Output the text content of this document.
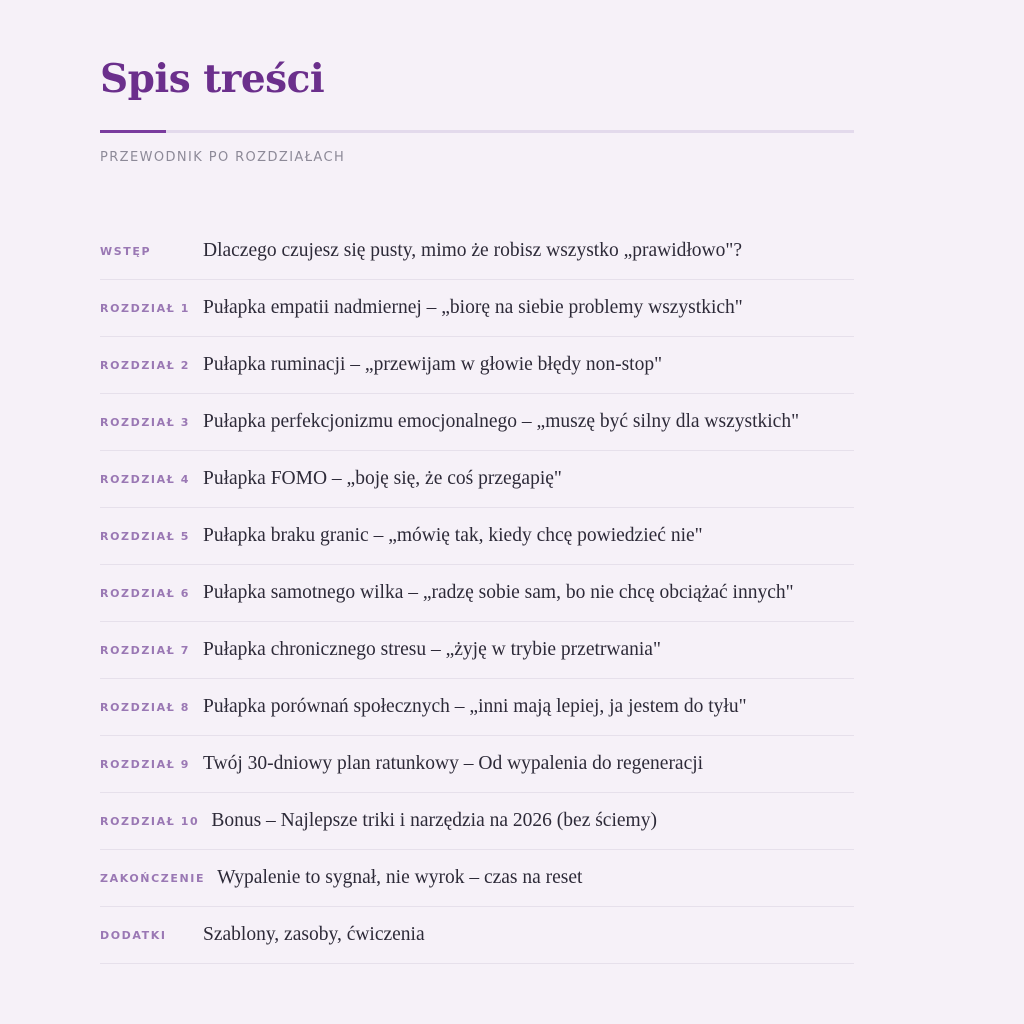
Spis treści
PRZEWODNIK PO ROZDZIAŁACH
WSTĘP	Dlaczego czujesz się pusty, mimo że robisz wszystko „prawidłowo"?
ROZDZIAŁ 1 Pułapka empatii nadmiernej – „biorę na siebie problemy wszystkich"
ROZDZIAŁ 2 Pułapka ruminacji – „przewijam w głowie błędy non-stop"
ROZDZIAŁ 3 Pułapka perfekcjonizmu emocjonalnego – „muszę być silny dla wszystkich"
ROZDZIAŁ 4 Pułapka FOMO – „boję się, że coś przegapię"
ROZDZIAŁ 5 Pułapka braku granic – „mówię tak, kiedy chcę powiedzieć nie"
ROZDZIAŁ 6 Pułapka samotnego wilka – „radzę sobie sam, bo nie chcę obciążać innych"
ROZDZIAŁ 7 Pułapka chronicznego stresu – „żyję w trybie przetrwania"
ROZDZIAŁ 8 Pułapka porównań społecznych – „inni mają lepiej, ja jestem do tyłu"
ROZDZIAŁ 9 Twój 30-dniowy plan ratunkowy – Od wypalenia do regeneracji
ROZDZIAŁ 10 Bonus – Najlepsze triki i narzędzia na 2026 (bez ściemy)
ZAKOŃCZENIE Wypalenie to sygnał, nie wyrok – czas na reset
DODATKI	Szablony, zasoby, ćwiczenia
